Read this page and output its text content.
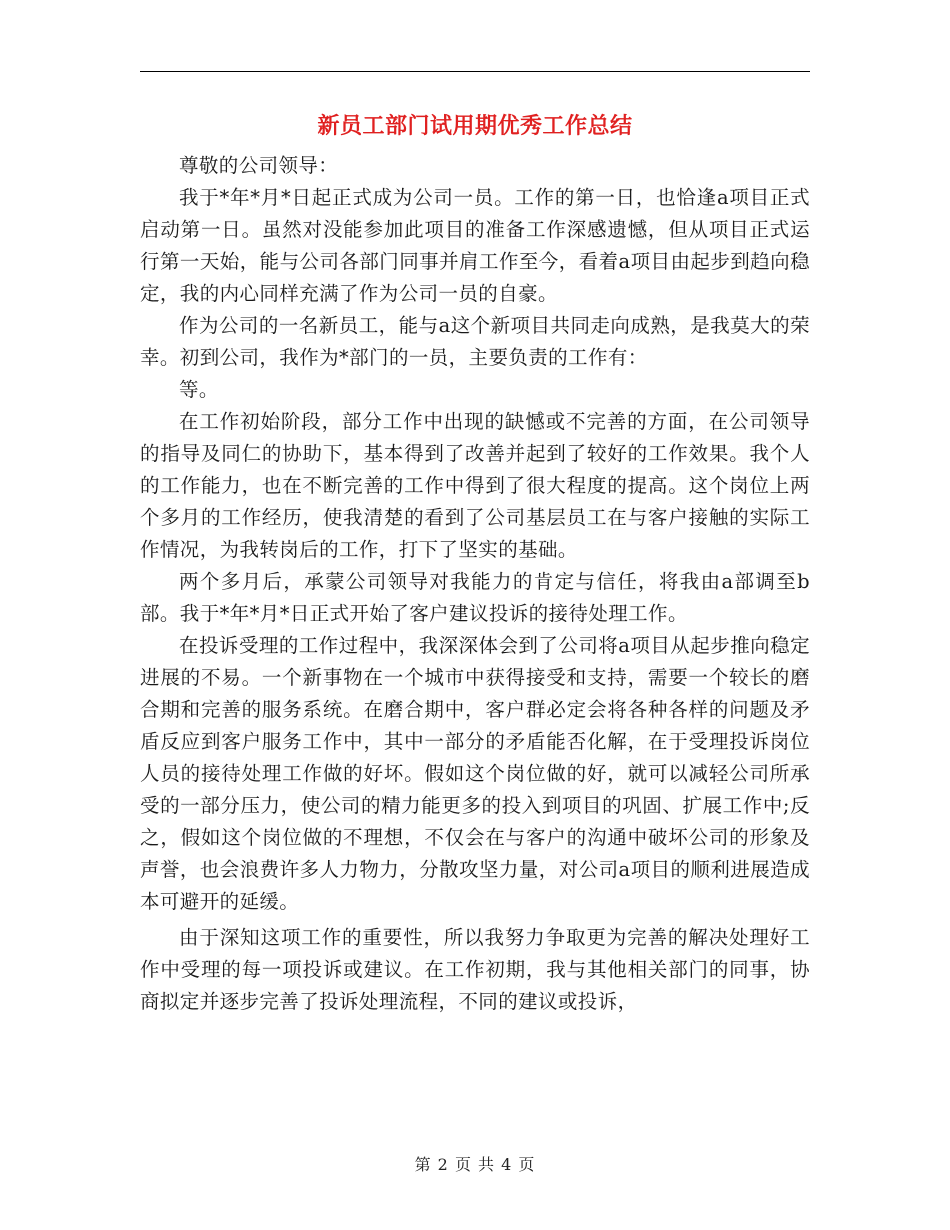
新员工部门试用期优秀工作总结

尊敬的公司领导：

我于*年*月*日起正式成为公司一员。工作的第一日，也恰逢a项目正式启动第一日。虽然对没能参加此项目的准备工作深感遗憾，但从项目正式运行第一天始，能与公司各部门同事并肩工作至今，看着a项目由起步到趋向稳定，我的内心同样充满了作为公司一员的自豪。

作为公司的一名新员工，能与a这个新项目共同走向成熟，是我莫大的荣幸。初到公司，我作为*部门的一员，主要负责的工作有：

等。

在工作初始阶段，部分工作中出现的缺憾或不完善的方面，在公司领导的指导及同仁的协助下，基本得到了改善并起到了较好的工作效果。我个人的工作能力，也在不断完善的工作中得到了很大程度的提高。这个岗位上两个多月的工作经历，使我清楚的看到了公司基层员工在与客户接触的实际工作情况，为我转岗后的工作，打下了坚实的基础。

两个多月后，承蒙公司领导对我能力的肯定与信任，将我由a部调至b部。我于*年*月*日正式开始了客户建议投诉的接待处理工作。

在投诉受理的工作过程中，我深深体会到了公司将a项目从起步推向稳定进展的不易。一个新事物在一个城市中获得接受和支持，需要一个较长的磨合期和完善的服务系统。在磨合期中，客户群必定会将各种各样的问题及矛盾反应到客户服务工作中，其中一部分的矛盾能否化解，在于受理投诉岗位人员的接待处理工作做的好坏。假如这个岗位做的好，就可以减轻公司所承受的一部分压力，使公司的精力能更多的投入到项目的巩固、扩展工作中;反之，假如这个岗位做的不理想，不仅会在与客户的沟通中破坏公司的形象及声誉，也会浪费许多人力物力，分散攻坚力量，对公司a项目的顺利进展造成本可避开的延缓。

由于深知这项工作的重要性，所以我努力争取更为完善的解决处理好工作中受理的每一项投诉或建议。在工作初期，我与其他相关部门的同事，协商拟定并逐步完善了投诉处理流程，不同的建议或投诉，

第 2 页 共 4 页
